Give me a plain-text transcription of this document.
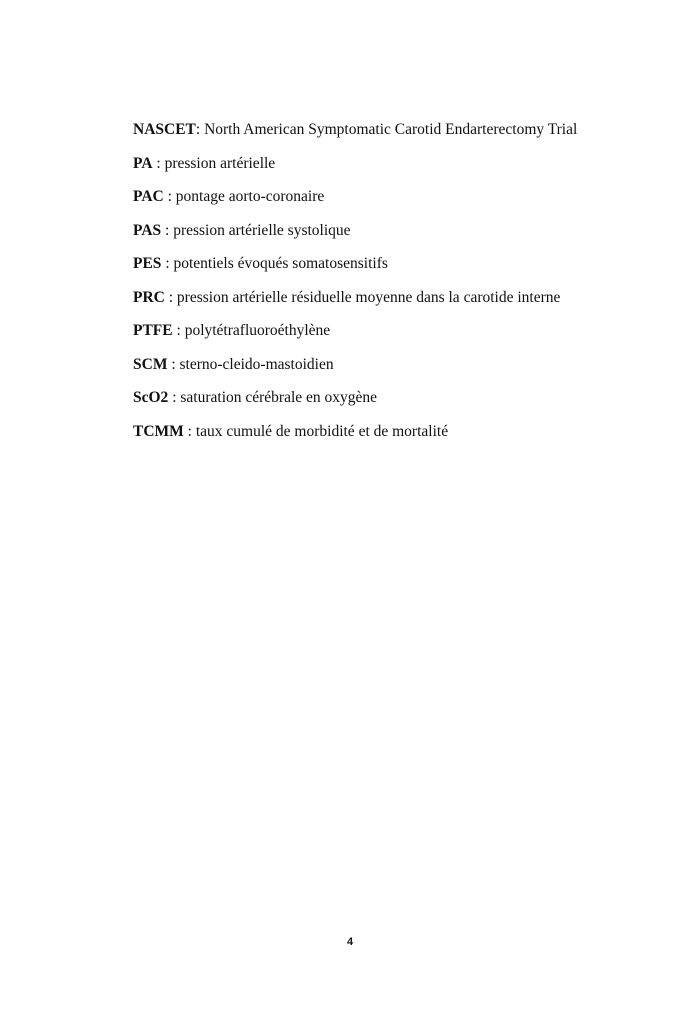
NASCET: North American Symptomatic Carotid Endarterectomy Trial
PA : pression artérielle
PAC : pontage aorto-coronaire
PAS : pression artérielle systolique
PES : potentiels évoqués somatosensitifs
PRC : pression artérielle résiduelle moyenne dans la carotide interne
PTFE : polytétrafluoroéthylène
SCM : sterno-cleido-mastoidien
ScO2 : saturation cérébrale en oxygène
TCMM : taux cumulé de morbidité et de mortalité
4
